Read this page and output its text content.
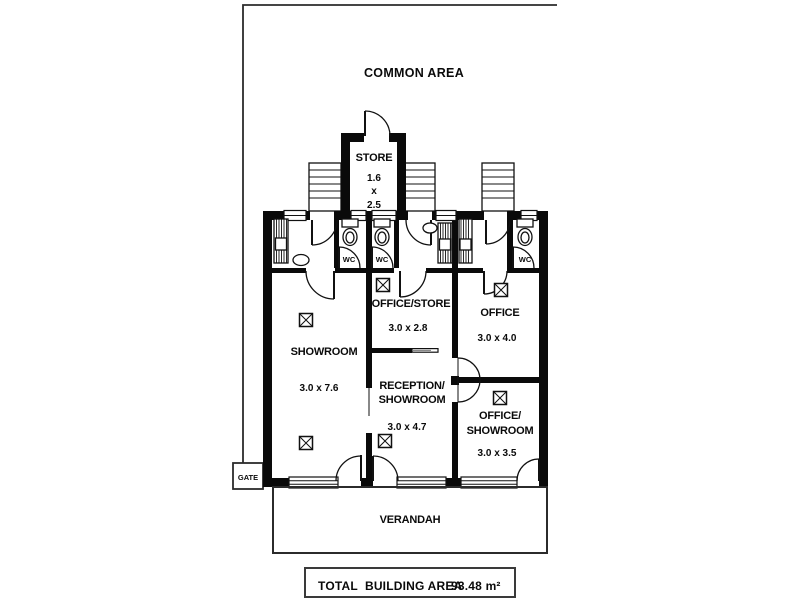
COMMON AREA
STORE
1.6
x
2.5
WC	WC	WC
SHOWROOM
3.0 x 7.6
OFFICE/STORE
3.0 x 2.8
OFFICE
3.0 x 4.0
RECEPTION/
SHOWROOM
3.0 x 4.7
OFFICE/
SHOWROOM
3.0 x 3.5
VERANDAH
GATE
TOTAL  BUILDING AREA
93.48 m²
